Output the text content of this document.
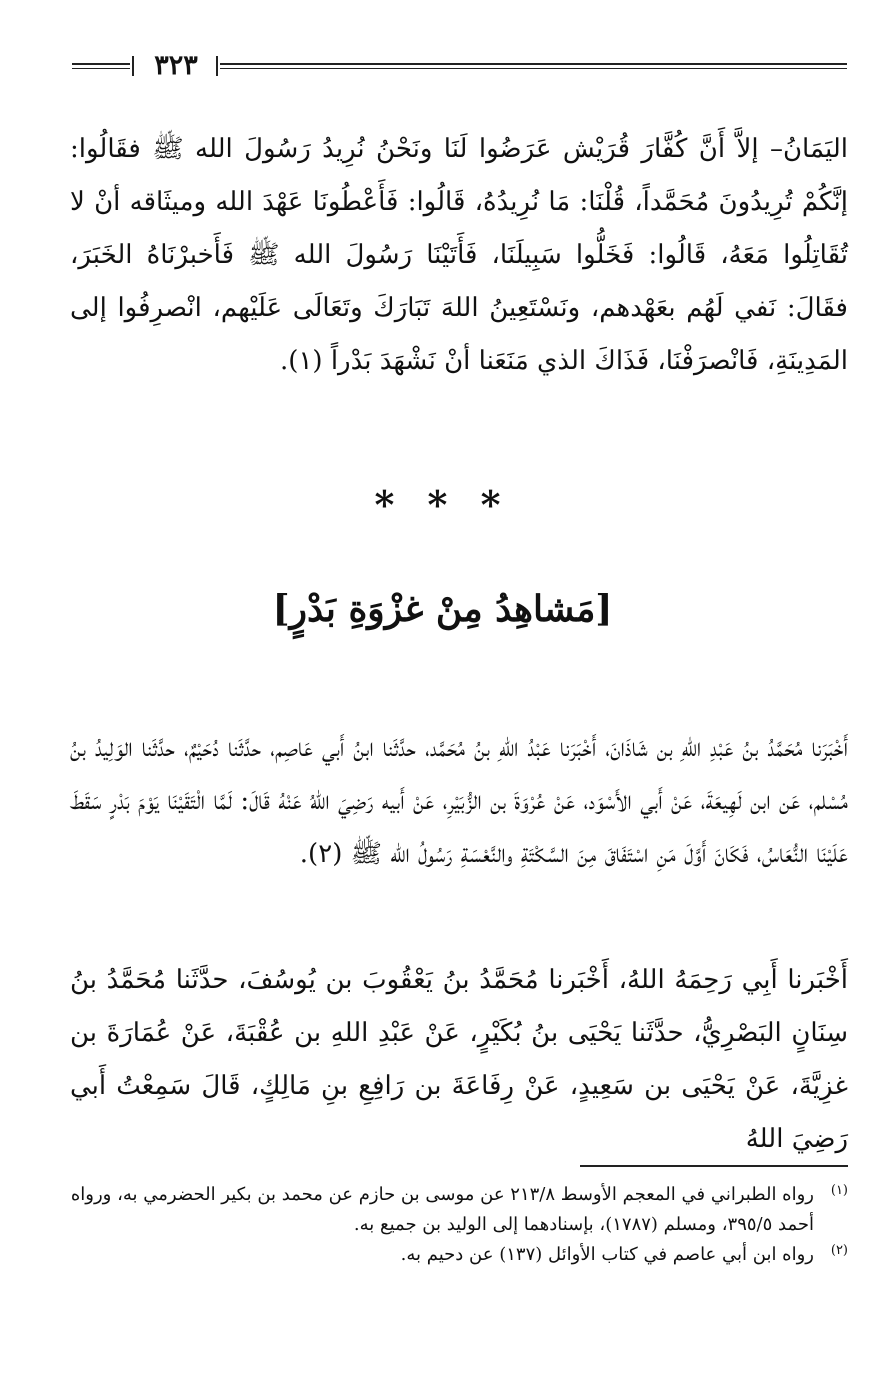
٣٢٣

اليَمَانُ– إلاَّ أَنَّ كُفَّارَ قُرَيْش عَرَضُوا لَنَا ونَحْنُ نُرِيدُ رَسُولَ الله ﷺ فقَالُوا: إنَّكُمْ تُرِيدُونَ مُحَمَّداً، قُلْنَا: مَا نُرِيدُهُ، قَالُوا: فَأَعْطُونَا عَهْدَ الله وميثَاقه أنْ لا تُقَاتِلُوا مَعَهُ، قَالُوا: فَخَلُّوا سَبِيلَنَا، فَأَتَيْنَا رَسُولَ الله ﷺ فَأَخبرْنَاهُ الخَبَرَ، فقَالَ: نَفي لَهُم بعَهْدهم، ونَسْتَعِينُ اللهَ تَبَارَكَ وتَعَالَى عَلَيْهم، انْصرِفُوا إلى المَدِينَةِ، فَانْصرَفْنَا، فَذَاكَ الذي مَنَعَنا أنْ نَشْهَدَ بَدْراً (١).

* * *
[مَشاهِدُ مِنْ غزْوَةِ بَدْرٍ]

أَخْبَرَنا مُحَمَّدُ بنُ عَبْدِ اللهِ بن شَاذَانَ، أَخْبَرَنا عَبْدُ اللهِ بنُ مُحَمَّد، حدَّثَنا ابنُ أَبي عَاصِم، حدَّثَنا دُحَيْمٌ، حدَّثَنا الوَلِيدُ بنُ مُسْلم، عَن ابن لَهِيعَةَ، عَنْ أَبي الأَسْوَد، عَنْ عُرْوَةَ بن الزُّبَيْرِ، عَنْ أَبيه رَضِيَ اللهُ عَنْهُ قَالَ: لَمَّا الْتَقَيْنَا يَوْمَ بَدْرٍ سَقَطَ عَلَيْنَا النُّعَاسُ، فَكَانَ أَوَّلَ مَنِ اسْتَفَاقَ مِنَ السَّكْتَةِ والنَّعْسَةِ رَسُولُ الله ﷺ (٢).

أَخْبَرنا أَبِي رَحِمَهُ اللهُ، أَخْبَرنا مُحَمَّدُ بنُ يَعْقُوبَ بن يُوسُفَ، حدَّثَنا مُحَمَّدُ بنُ سِنَانٍ البَصْرِيُّ، حدَّثَنا يَحْيَى بنُ بُكَيْرٍ، عَنْ عَبْدِ اللهِ بن عُقْبَةَ، عَنْ عُمَارَةَ بن غزِيَّةَ، عَنْ يَحْيَى بن سَعِيدٍ، عَنْ رِفَاعَةَ بن رَافِعِ بنِ مَالِكٍ، قَالَ سَمِعْتُ أَبي رَضِيَ اللهُ

(١)
رواه الطبراني في المعجم الأوسط ٢١٣/٨ عن موسى بن حازم عن محمد بن بكير الحضرمي به، ورواه أحمد ٣٩٥/٥، ومسلم (١٧٨٧)، بإسنادهما إلى الوليد بن جميع به.
(٢)
رواه ابن أبي عاصم في كتاب الأوائل (١٣٧) عن دحيم به.
